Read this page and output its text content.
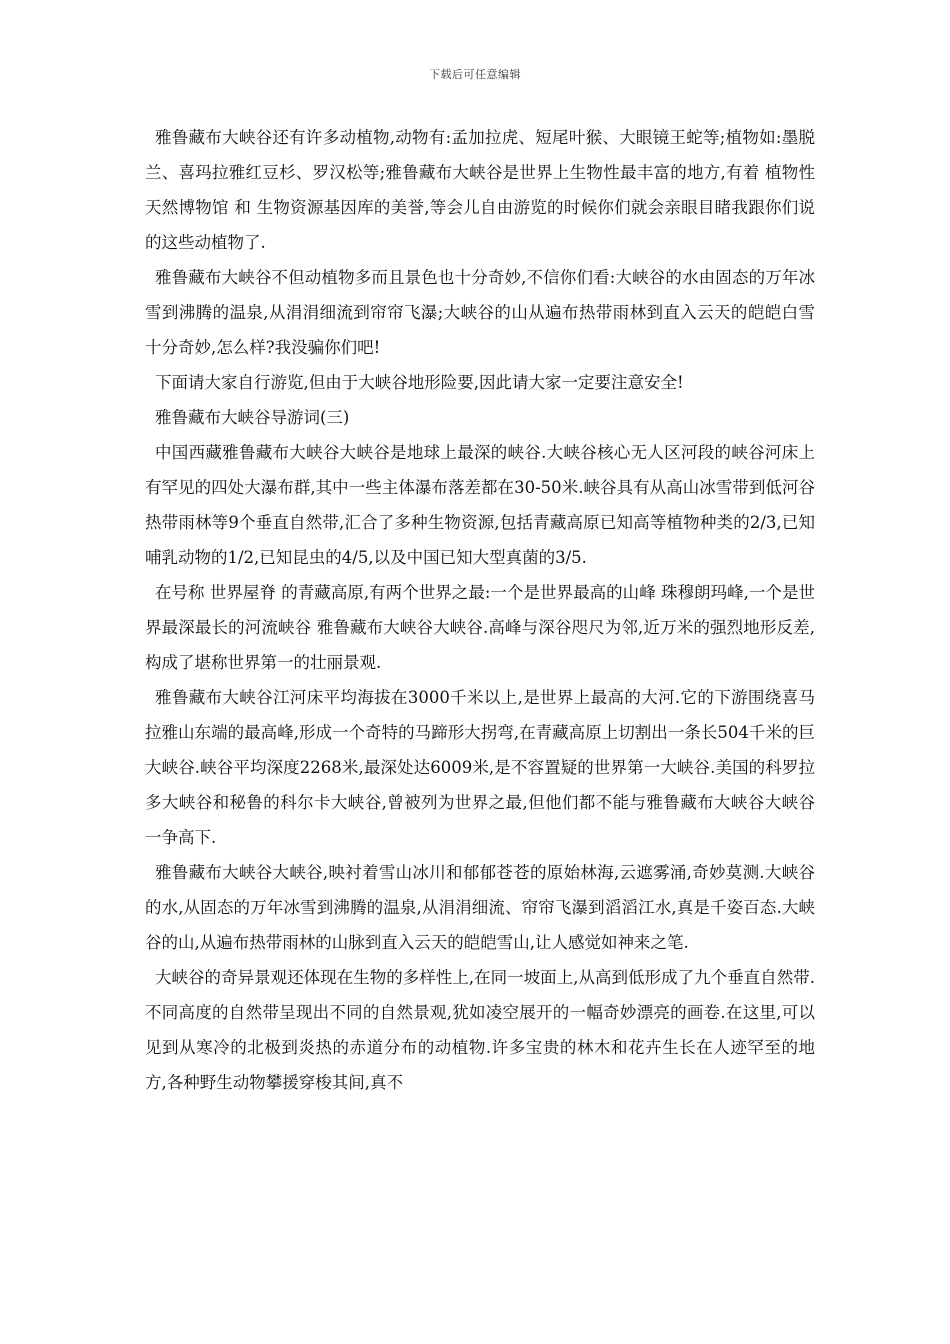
下载后可任意编辑

雅鲁藏布大峡谷还有许多动植物,动物有:孟加拉虎、短尾叶猴、大眼镜王蛇等;植物如:墨脱兰、喜玛拉雅红豆杉、罗汉松等;雅鲁藏布大峡谷是世界上生物性最丰富的地方,有着 植物性天然博物馆 和 生物资源基因库的美誉,等会儿自由游览的时候你们就会亲眼目睹我跟你们说的这些动植物了.

雅鲁藏布大峡谷不但动植物多而且景色也十分奇妙,不信你们看:大峡谷的水由固态的万年冰雪到沸腾的温泉,从涓涓细流到帘帘飞瀑;大峡谷的山从遍布热带雨林到直入云天的皑皑白雪十分奇妙,怎么样?我没骗你们吧!

下面请大家自行游览,但由于大峡谷地形险要,因此请大家一定要注意安全!

雅鲁藏布大峡谷导游词(三)

中国西藏雅鲁藏布大峡谷大峡谷是地球上最深的峡谷.大峡谷核心无人区河段的峡谷河床上有罕见的四处大瀑布群,其中一些主体瀑布落差都在30-50米.峡谷具有从高山冰雪带到低河谷热带雨林等9个垂直自然带,汇合了多种生物资源,包括青藏高原已知高等植物种类的2/3,已知哺乳动物的1/2,已知昆虫的4/5,以及中国已知大型真菌的3/5.

在号称 世界屋脊 的青藏高原,有两个世界之最:一个是世界最高的山峰 珠穆朗玛峰,一个是世界最深最长的河流峡谷 雅鲁藏布大峡谷大峡谷.高峰与深谷咫尺为邻,近万米的强烈地形反差,构成了堪称世界第一的壮丽景观.

雅鲁藏布大峡谷江河床平均海拔在3000千米以上,是世界上最高的大河.它的下游围绕喜马拉雅山东端的最高峰,形成一个奇特的马蹄形大拐弯,在青藏高原上切割出一条长504千米的巨大峡谷.峡谷平均深度2268米,最深处达6009米,是不容置疑的世界第一大峡谷.美国的科罗拉多大峡谷和秘鲁的科尔卡大峡谷,曾被列为世界之最,但他们都不能与雅鲁藏布大峡谷大峡谷一争高下.

雅鲁藏布大峡谷大峡谷,映衬着雪山冰川和郁郁苍苍的原始林海,云遮雾涌,奇妙莫测.大峡谷的水,从固态的万年冰雪到沸腾的温泉,从涓涓细流、帘帘飞瀑到滔滔江水,真是千姿百态.大峡谷的山,从遍布热带雨林的山脉到直入云天的皑皑雪山,让人感觉如神来之笔.

大峡谷的奇异景观还体现在生物的多样性上,在同一坡面上,从高到低形成了九个垂直自然带.不同高度的自然带呈现出不同的自然景观,犹如凌空展开的一幅奇妙漂亮的画卷.在这里,可以见到从寒冷的北极到炎热的赤道分布的动植物.许多宝贵的林木和花卉生长在人迹罕至的地方,各种野生动物攀援穿梭其间,真不
